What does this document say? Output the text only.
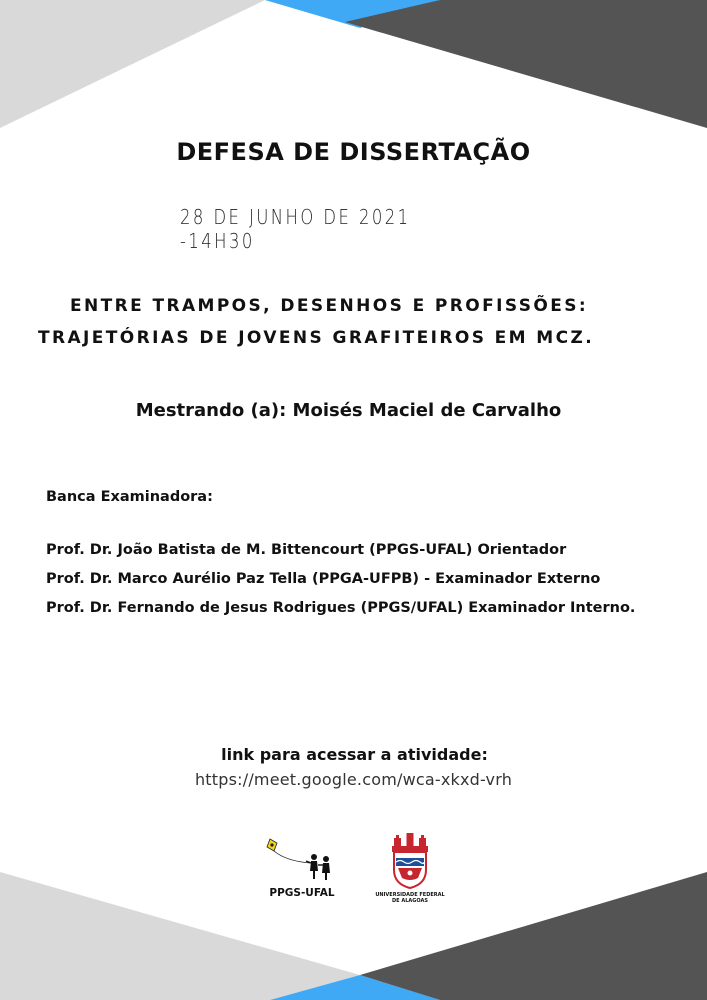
DEFESA DE DISSERTAÇÃO
28 DE JUNHO DE 2021 -14H30
ENTRE TRAMPOS, DESENHOS E PROFISSÕES:
TRAJETÓRIAS DE JOVENS GRAFITEIROS EM MCZ.
Mestrando (a): Moisés Maciel de Carvalho
Banca Examinadora:
Prof. Dr. João Batista de M. Bittencourt (PPGS-UFAL) Orientador
Prof. Dr. Marco Aurélio Paz Tella (PPGA-UFPB) - Examinador Externo
Prof. Dr. Fernando de Jesus Rodrigues (PPGS/UFAL) Examinador Interno.
link para acessar a atividade:
https://meet.google.com/wca-xkxd-vrh
PPGS-UFAL	UNIVERSIDADE FEDERAL
DE ALAGOAS
